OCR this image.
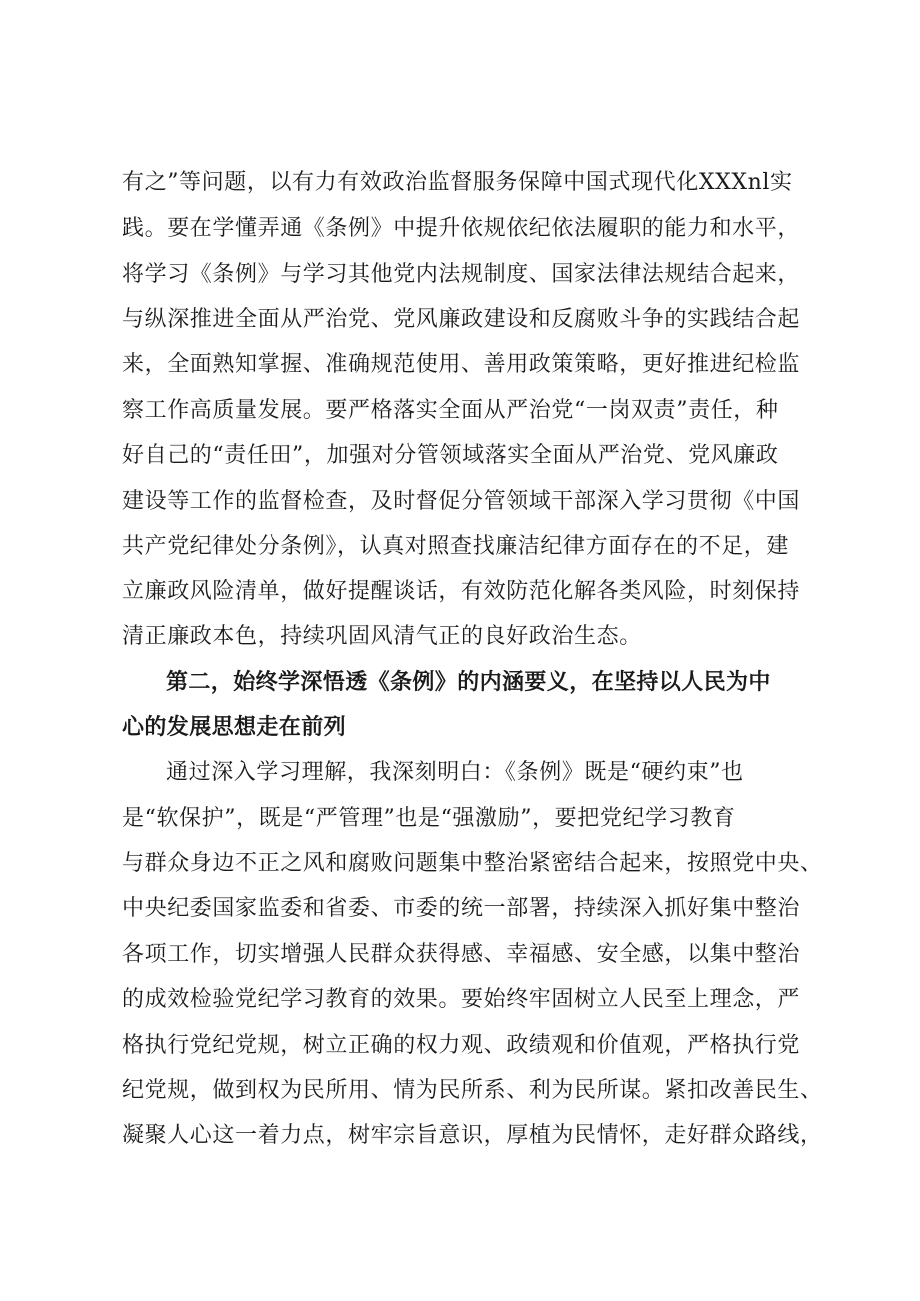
有之”等问题，以有力有效政治监督服务保障中国式现代化XXXnl实
践。要在学懂弄通《条例》中提升依规依纪依法履职的能力和水平，
将学习《条例》与学习其他党内法规制度、国家法律法规结合起来，
与纵深推进全面从严治党、党风廉政建设和反腐败斗争的实践结合起
来，全面熟知掌握、准确规范使用、善用政策策略，更好推进纪检监
察工作高质量发展。要严格落实全面从严治党“一岗双责”责任，种
好自己的“责任田”，加强对分管领域落实全面从严治党、党风廉政
建设等工作的监督检查，及时督促分管领域干部深入学习贯彻《中国
共产党纪律处分条例》，认真对照查找廉洁纪律方面存在的不足，建
立廉政风险清单，做好提醒谈话，有效防范化解各类风险，时刻保持
清正廉政本色，持续巩固风清气正的良好政治生态。
第二，始终学深悟透《条例》的内涵要义，在坚持以人民为中
心的发展思想走在前列
通过深入学习理解，我深刻明白：《条例》既是“硬约束”也
是“软保护”，既是“严管理”也是“强激励”，要把党纪学习教育
与群众身边不正之风和腐败问题集中整治紧密结合起来，按照党中央、
中央纪委国家监委和省委、市委的统一部署，持续深入抓好集中整治
各项工作，切实增强人民群众获得感、幸福感、安全感，以集中整治
的成效检验党纪学习教育的效果。要始终牢固树立人民至上理念，严
格执行党纪党规，树立正确的权力观、政绩观和价值观，严格执行党
纪党规，做到权为民所用、情为民所系、利为民所谋。紧扣改善民生、
凝聚人心这一着力点，树牢宗旨意识，厚植为民情怀，走好群众路线，
